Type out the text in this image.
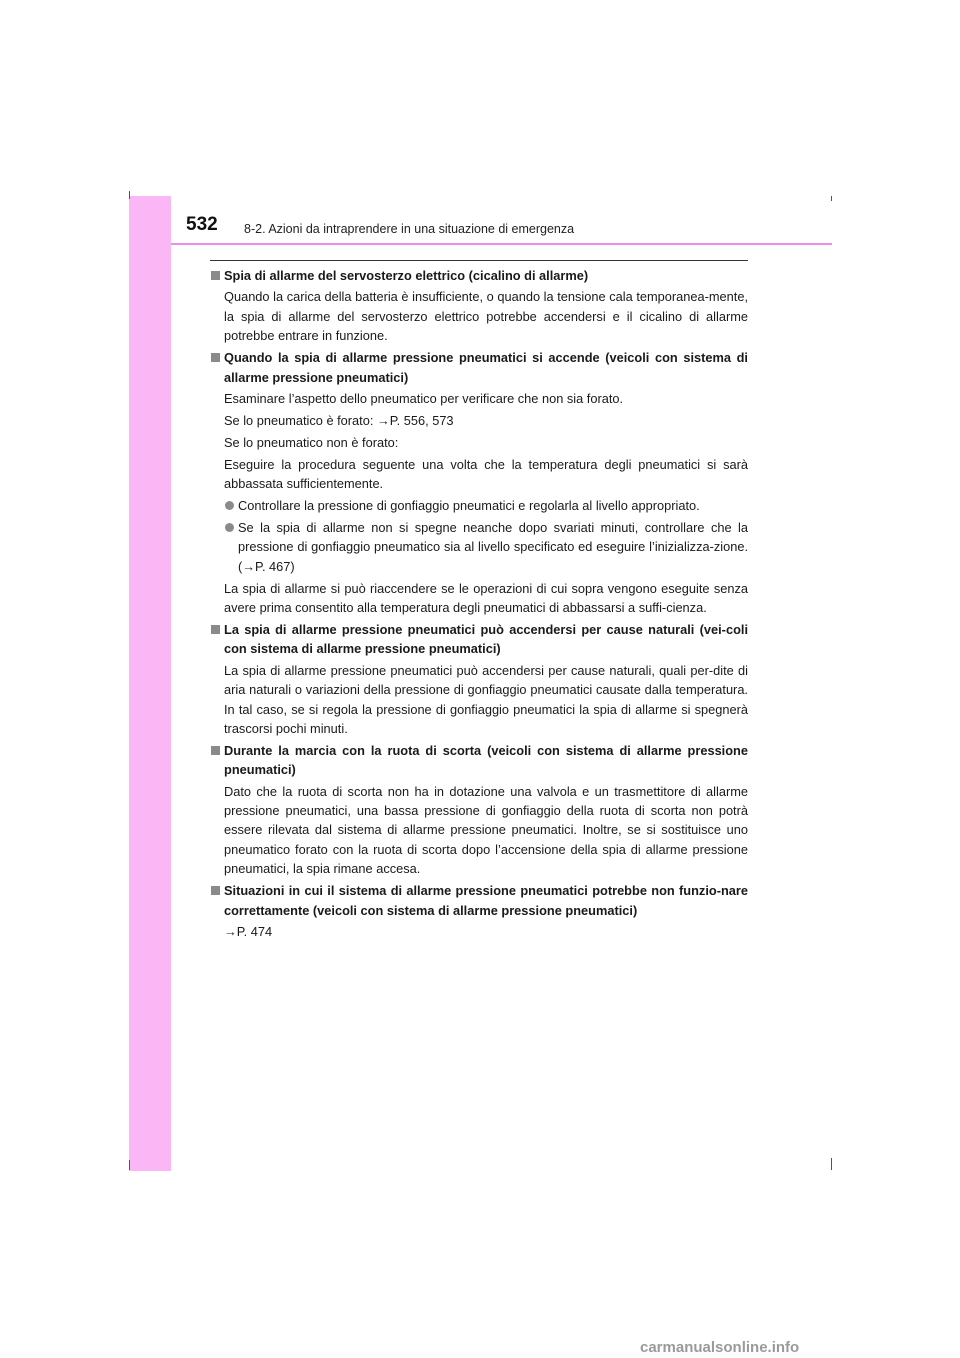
532 8-2. Azioni da intraprendere in una situazione di emergenza
Spia di allarme del servosterzo elettrico (cicalino di allarme)

Quando la carica della batteria è insufficiente, o quando la tensione cala temporanea-mente, la spia di allarme del servosterzo elettrico potrebbe accendersi e il cicalino di allarme potrebbe entrare in funzione.

Quando la spia di allarme pressione pneumatici si accende (veicoli con sistema di allarme pressione pneumatici)

Esaminare l’aspetto dello pneumatico per verificare che non sia forato.

Se lo pneumatico è forato: →P. 556, 573

Se lo pneumatico non è forato:

Eseguire la procedura seguente una volta che la temperatura degli pneumatici si sarà abbassata sufficientemente.

Controllare la pressione di gonfiaggio pneumatici e regolarla al livello appropriato.
Se la spia di allarme non si spegne neanche dopo svariati minuti, controllare che la pressione di gonfiaggio pneumatico sia al livello specificato ed eseguire l’inizializza-zione. (→P. 467)

La spia di allarme si può riaccendere se le operazioni di cui sopra vengono eseguite senza avere prima consentito alla temperatura degli pneumatici di abbassarsi a suffi-cienza.

La spia di allarme pressione pneumatici può accendersi per cause naturali (vei-coli con sistema di allarme pressione pneumatici)

La spia di allarme pressione pneumatici può accendersi per cause naturali, quali per-dite di aria naturali o variazioni della pressione di gonfiaggio pneumatici causate dalla temperatura. In tal caso, se si regola la pressione di gonfiaggio pneumatici la spia di allarme si spegnerà trascorsi pochi minuti.

Durante la marcia con la ruota di scorta (veicoli con sistema di allarme pressione pneumatici)

Dato che la ruota di scorta non ha in dotazione una valvola e un trasmettitore di allarme pressione pneumatici, una bassa pressione di gonfiaggio della ruota di scorta non potrà essere rilevata dal sistema di allarme pressione pneumatici. Inoltre, se si sostituisce uno pneumatico forato con la ruota di scorta dopo l’accensione della spia di allarme pressione pneumatici, la spia rimane accesa.

Situazioni in cui il sistema di allarme pressione pneumatici potrebbe non funzio-nare correttamente (veicoli con sistema di allarme pressione pneumatici)

→P. 474

carmanualsonline.info
